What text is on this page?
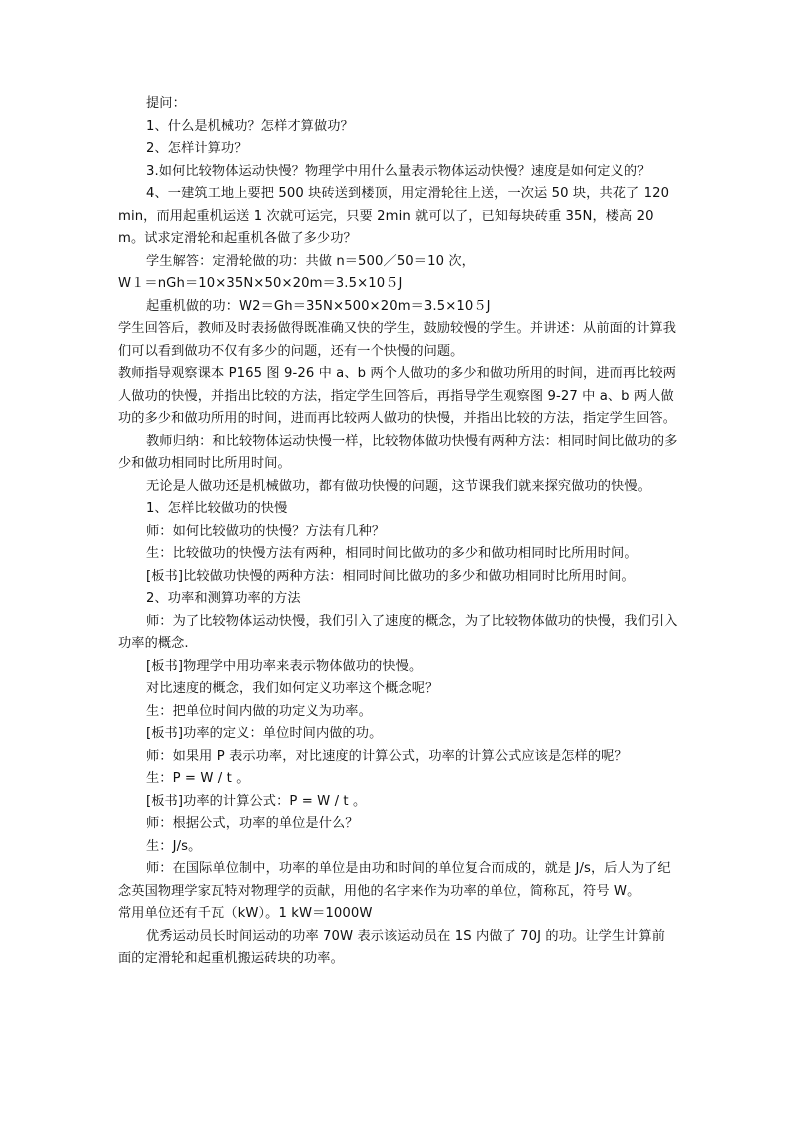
提问：

1、什么是机械功？怎样才算做功？

2、怎样计算功？

3.如何比较物体运动快慢？物理学中用什么量表示物体运动快慢？速度是如何定义的？

4、一建筑工地上要把 500 块砖送到楼顶，用定滑轮往上送，一次运 50 块，共花了 120min，而用起重机运送 1 次就可运完，只要 2min 就可以了，已知每块砖重 35N，楼高 20m。试求定滑轮和起重机各做了多少功？

学生解答：定滑轮做的功：共做 n＝500／50＝10 次，

W１＝nGh＝10×35N×50×20m＝3.5×10５J

起重机做的功：W2＝Gh＝35N×500×20m＝3.5×10５J

学生回答后，教师及时表扬做得既准确又快的学生，鼓励较慢的学生。并讲述：从前面的计算我们可以看到做功不仅有多少的问题，还有一个快慢的问题。

教师指导观察课本 P165 图 9-26 中 a、b 两个人做功的多少和做功所用的时间，进而再比较两人做功的快慢，并指出比较的方法，指定学生回答后，再指导学生观察图 9-27 中 a、b 两人做功的多少和做功所用的时间，进而再比较两人做功的快慢，并指出比较的方法，指定学生回答。

教师归纳：和比较物体运动快慢一样，比较物体做功快慢有两种方法：相同时间比做功的多少和做功相同时比所用时间。

无论是人做功还是机械做功，都有做功快慢的问题，这节课我们就来探究做功的快慢。

1、怎样比较做功的快慢

师：如何比较做功的快慢？方法有几种？

生：比较做功的快慢方法有两种，相同时间比做功的多少和做功相同时比所用时间。

[板书]比较做功快慢的两种方法：相同时间比做功的多少和做功相同时比所用时间。

2、功率和测算功率的方法

师：为了比较物体运动快慢，我们引入了速度的概念，为了比较物体做功的快慢，我们引入功率的概念.

[板书]物理学中用功率来表示物体做功的快慢。

对比速度的概念，我们如何定义功率这个概念呢？

生：把单位时间内做的功定义为功率。

[板书]功率的定义：单位时间内做的功。

师：如果用 P 表示功率，对比速度的计算公式，功率的计算公式应该是怎样的呢？

生：P = W / t 。

[板书]功率的计算公式：P = W / t 。

师：根据公式，功率的单位是什么？

生：J/s。

师：在国际单位制中，功率的单位是由功和时间的单位复合而成的，就是 J/s，后人为了纪念英国物理学家瓦特对物理学的贡献，用他的名字来作为功率的单位，简称瓦，符号 W。

常用单位还有千瓦（kW）。1 kW＝1000W

优秀运动员长时间运动的功率 70W 表示该运动员在 1S 内做了 70J 的功。让学生计算前面的定滑轮和起重机搬运砖块的功率。
